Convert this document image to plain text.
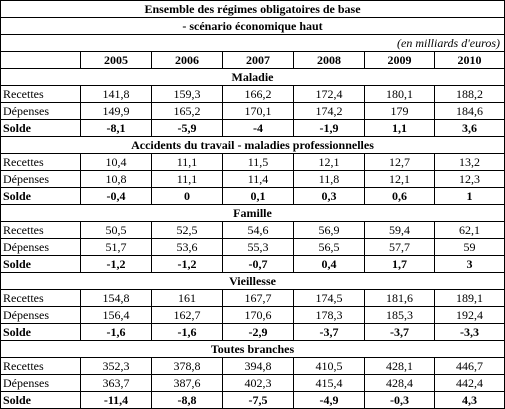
Ensemble des régimes obligatoires de base						
- scénario économique haut						
(en milliards d'euros)						
	2005	2006	2007	2008	2009	2010
Maladie						
Recettes	141,8	159,3	166,2	172,4	180,1	188,2
Dépenses	149,9	165,2	170,1	174,2	179	184,6
Solde	-8,1	-5,9	-4	-1,9	1,1	3,6
Accidents du travail - maladies professionnelles						
Recettes	10,4	11,1	11,5	12,1	12,7	13,2
Dépenses	10,8	11,1	11,4	11,8	12,1	12,3
Solde	-0,4	0	0,1	0,3	0,6	1
Famille						
Recettes	50,5	52,5	54,6	56,9	59,4	62,1
Dépenses	51,7	53,6	55,3	56,5	57,7	59
Solde	-1,2	-1,2	-0,7	0,4	1,7	3
Vieillesse						
Recettes	154,8	161	167,7	174,5	181,6	189,1
Dépenses	156,4	162,7	170,6	178,3	185,3	192,4
Solde	-1,6	-1,6	-2,9	-3,7	-3,7	-3,3
Toutes branches						
Recettes	352,3	378,8	394,8	410,5	428,1	446,7
Dépenses	363,7	387,6	402,3	415,4	428,4	442,4
Solde	-11,4	-8,8	-7,5	-4,9	-0,3	4,3
